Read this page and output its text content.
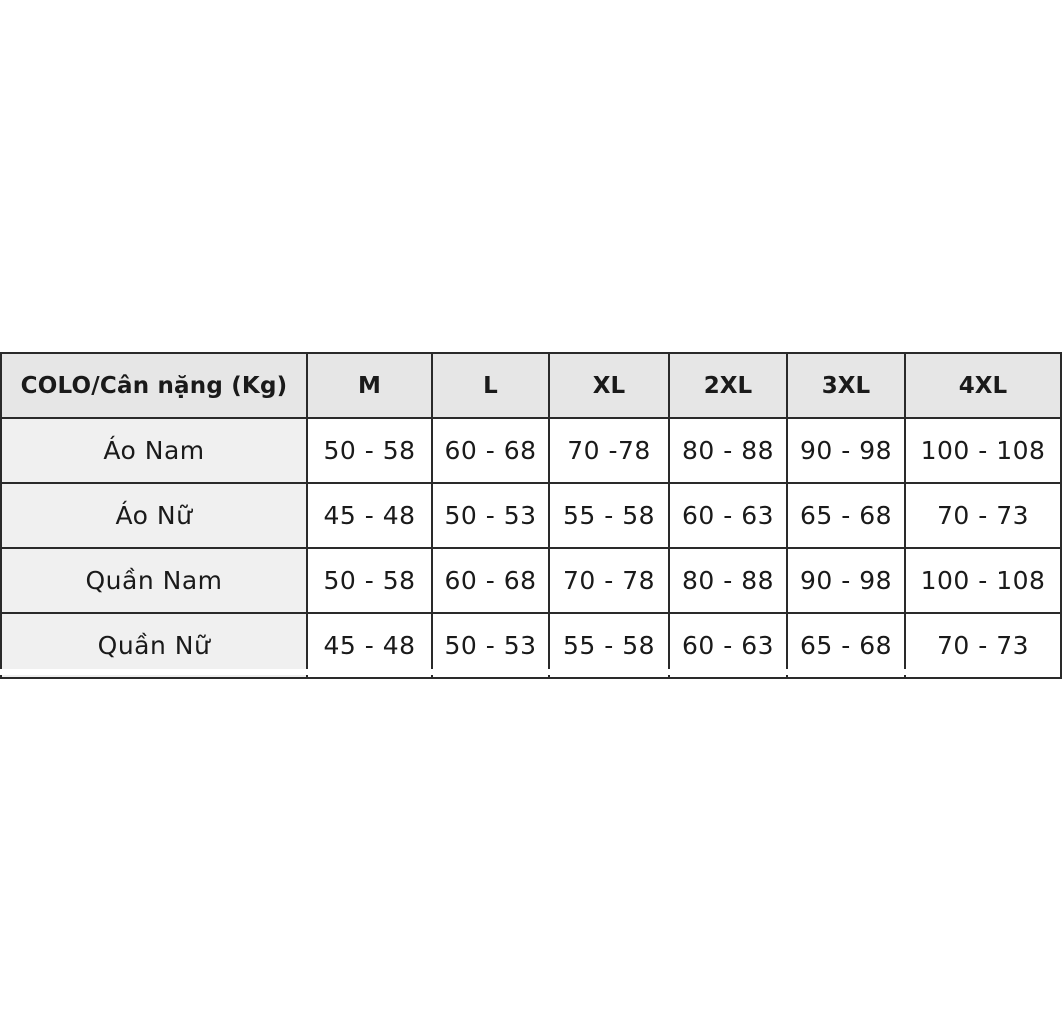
COLO/Cân nặng (Kg)	M	L	XL	2XL	3XL	4XL
Áo Nam	50 - 58	60 - 68	70 -78	80 - 88	90 - 98	100 - 108
Áo Nữ	45 - 48	50 - 53	55 - 58	60 - 63	65 - 68	70 - 73
Quần Nam	50 - 58	60 - 68	70 - 78	80 - 88	90 - 98	100 - 108
Quần Nữ	45 - 48	50 - 53	55 - 58	60 - 63	65 - 68	70 - 73
